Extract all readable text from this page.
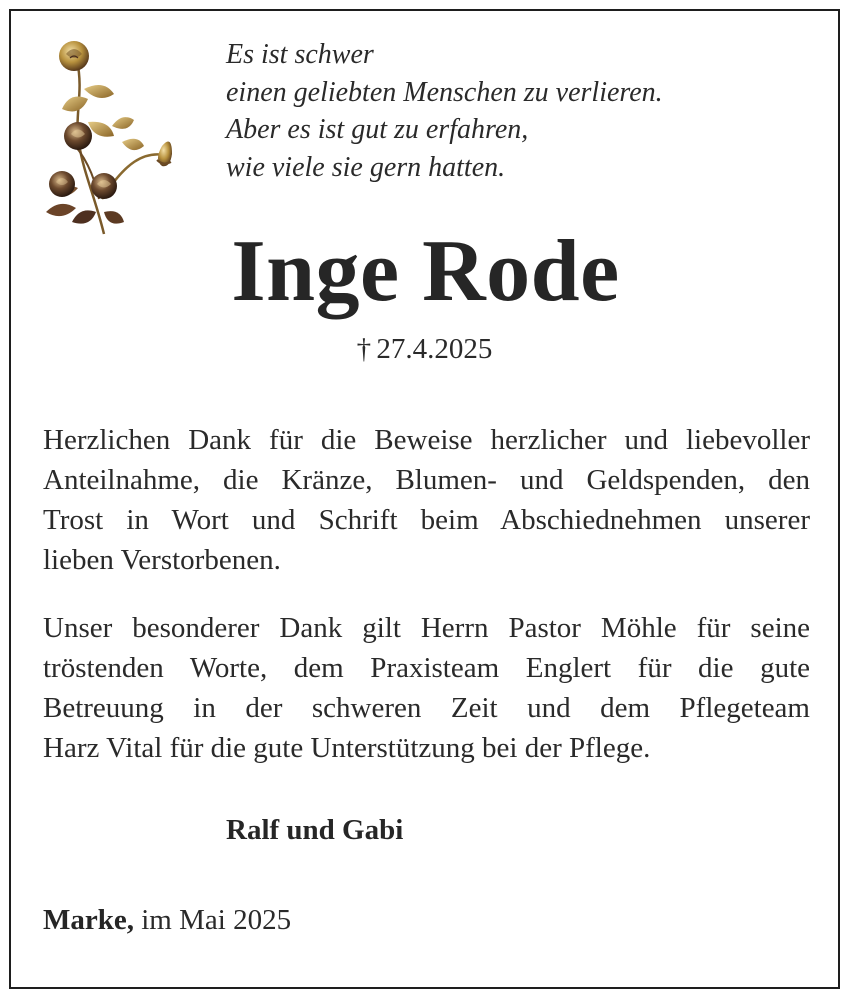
Es ist schwer
einen geliebten Menschen zu verlieren.
Aber es ist gut zu erfahren,
wie viele sie gern hatten.
Inge Rode
† 27.4.2025
Herzlichen Dank für die Beweise herzlicher und liebevoller
Anteilnahme, die Kränze, Blumen- und Geldspenden, den
Trost in Wort und Schrift beim Abschiednehmen unserer
lieben Verstorbenen.
Unser besonderer Dank gilt Herrn Pastor Möhle für seine
tröstenden Worte, dem Praxisteam Englert für die gute
Betreuung in der schweren Zeit und dem Pflegeteam
Harz Vital für die gute Unterstützung bei der Pflege.
Ralf und Gabi
Marke, im Mai 2025
